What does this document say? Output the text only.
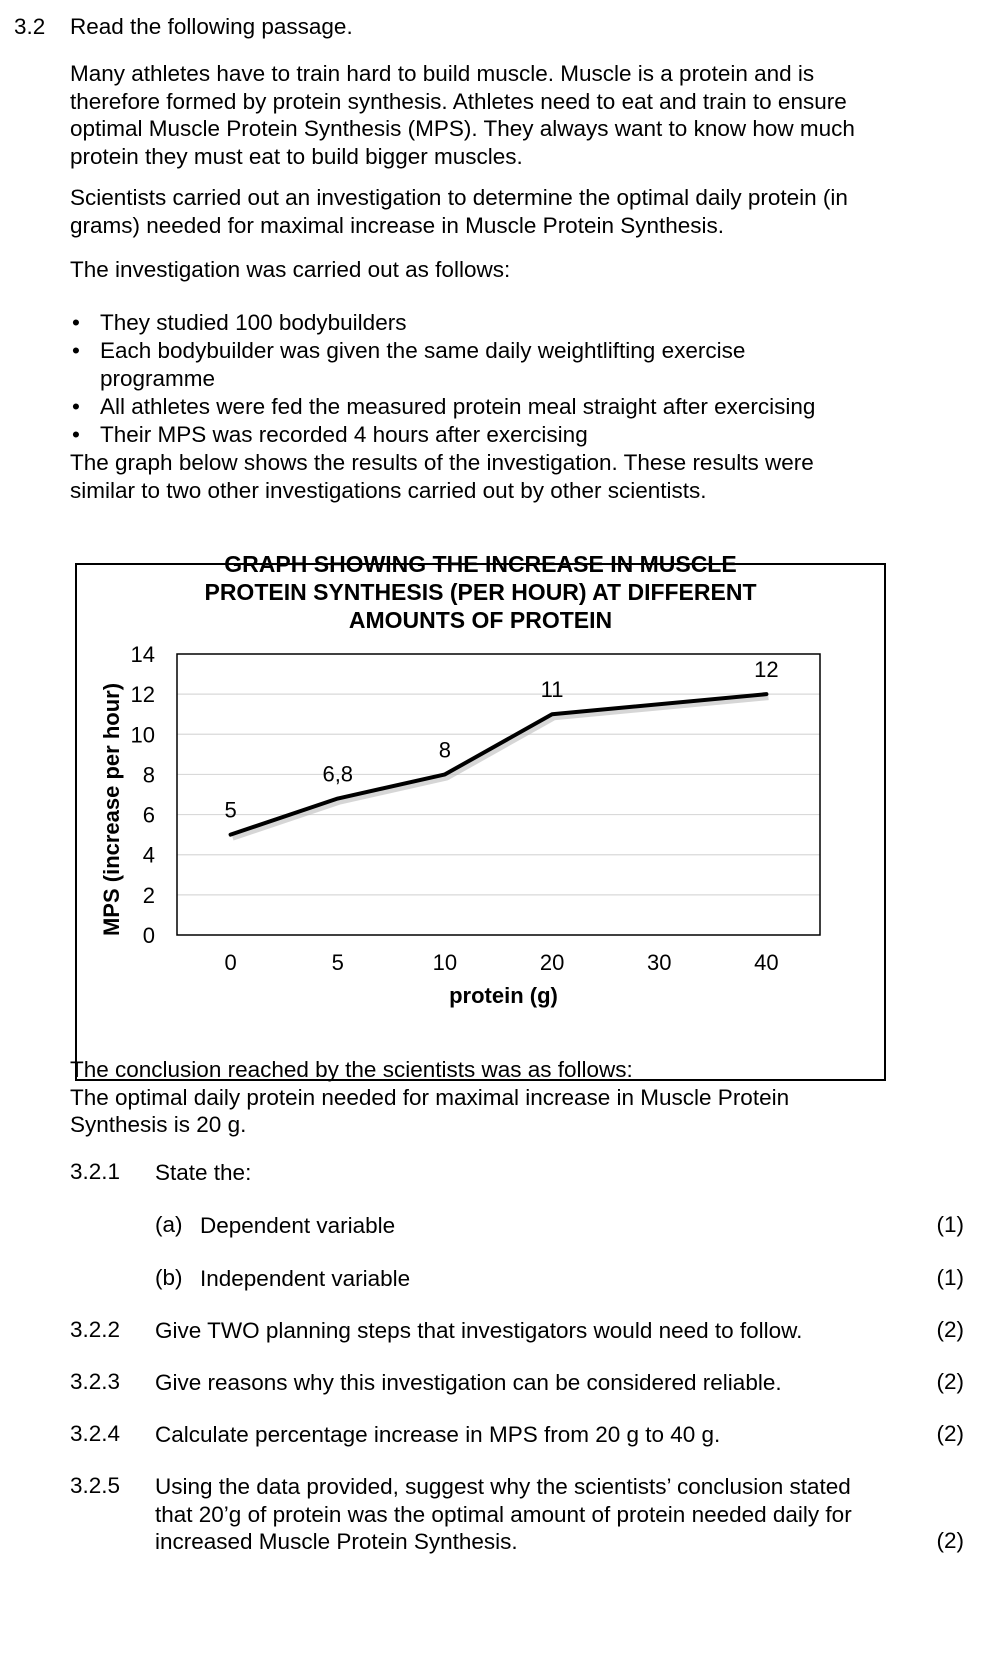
3.2 Read the following passage.
Many athletes have to train hard to build muscle. Muscle is a protein and is
therefore formed by protein synthesis. Athletes need to eat and train to ensure
optimal Muscle Protein Synthesis (MPS). They always want to know how much
protein they must eat to build bigger muscles.
Scientists carried out an investigation to determine the optimal daily protein (in
grams) needed for maximal increase in Muscle Protein Synthesis.
The investigation was carried out as follows:
• They studied 100 bodybuilders
• Each bodybuilder was given the same daily weightlifting exercise
programme
• All athletes were fed the measured protein meal straight after exercising
• Their MPS was recorded 4 hours after exercising
The graph below shows the results of the investigation. These results were
similar to two other investigations carried out by other scientists.
GRAPH SHOWING THE INCREASE IN MUSCLE
PROTEIN SYNTHESIS (PER HOUR) AT DIFFERENT
AMOUNTS OF PROTEIN
0
2
4
6
8
10
12
14
0	5	10	20	30	40
protein (g)
MPS (increase per hour)	5
6,8
8
11
12
The conclusion reached by the scientists was as follows:
The optimal daily protein needed for maximal increase in Muscle Protein
Synthesis is 20 g.
3.2.1 State the:
(a) Dependent variable	(1)
(b) Independent variable	(1)
3.2.2 Give TWO planning steps that investigators would need to follow.	(2)
3.2.3 Give reasons why this investigation can be considered reliable.	(2)
3.2.4 Calculate percentage increase in MPS from 20 g to 40 g.	(2)
3.2.5 Using the data provided, suggest why the scientists’ conclusion stated
that 20’g of protein was the optimal amount of protein needed daily for
increased Muscle Protein Synthesis.	(2)
